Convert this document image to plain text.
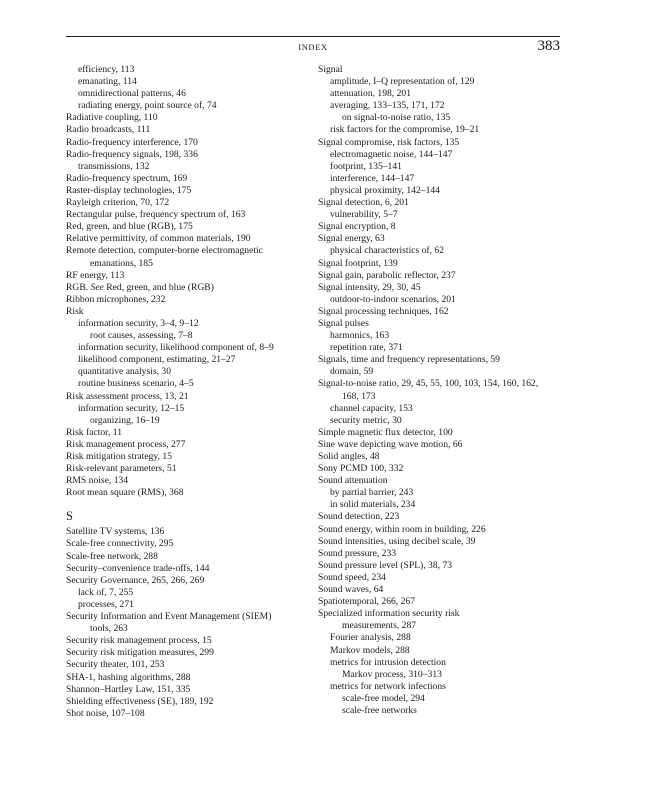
INDEX	383
efficiency, 113
emanating, 114
omnidirectional patterns, 46
radiating energy, point source of, 74
Radiative coupling, 110
Radio broadcasts, 111
Radio-frequency interference, 170
Radio-frequency signals, 198, 336
transmissions, 132
Radio-frequency spectrum, 169
Raster-display technologies, 175
Rayleigh criterion, 70, 172
Rectangular pulse, frequency spectrum of, 163
Red, green, and blue (RGB), 175
Relative permittivity, of common materials, 190
Remote detection, computer-borne electromagnetic
emanations, 185
RF energy, 113
RGB. See Red, green, and blue (RGB)
Ribbon microphones, 232
Risk
information security, 3–4, 9–12
root causes, assessing, 7–8
information security, likelihood component of, 8–9
likelihood component, estimating, 21–27
quantitative analysis, 30
routine business scenario, 4–5
Risk assessment process, 13, 21
information security, 12–15
organizing, 16–19
Risk factor, 11
Risk management process, 277
Risk mitigation strategy, 15
Risk-relevant parameters, 51
RMS noise, 134
Root mean square (RMS), 368
S
Satellite TV systems, 136
Scale-free connectivity, 295
Scale-free network, 288
Security–convenience trade-offs, 144
Security Governance, 265, 266, 269
lack of, 7, 255
processes, 271
Security Information and Event Management (SIEM)
tools, 263
Security risk management process, 15
Security risk mitigation measures, 299
Security theater, 101, 253
SHA-1, hashing algorithms, 288
Shannon–Hartley Law, 151, 335
Shielding effectiveness (SE), 189, 192
Shot noise, 107–108
Signal
amplitude, I–Q representation of, 129
attenuation, 198, 201
averaging, 133–135, 171, 172
on signal-to-noise ratio, 135
risk factors for the compromise, 19–21
Signal compromise, risk factors, 135
electromagnetic noise, 144–147
footprint, 135–141
interference, 144–147
physical proximity, 142–144
Signal detection, 6, 201
vulnerability, 5–7
Signal encryption, 8
Signal energy, 63
physical characteristics of, 62
Signal footprint, 139
Signal gain, parabolic reflector, 237
Signal intensity, 29, 30, 45
outdoor-to-indoor scenarios, 201
Signal processing techniques, 162
Signal pulses
harmonics, 163
repetition rate, 371
Signals, time and frequency representations, 59
domain, 59
Signal-to-noise ratio, 29, 45, 55, 100, 103, 154, 160, 162,
168, 173
channel capacity, 153
security metric, 30
Simple magnetic flux detector, 100
Sine wave depicting wave motion, 66
Solid angles, 48
Sony PCMD 100, 332
Sound attenuation
by partial barrier, 243
in solid materials, 234
Sound detection, 223
Sound energy, within room in building, 226
Sound intensities, using decibel scale, 39
Sound pressure, 233
Sound pressure level (SPL), 38, 73
Sound speed, 234
Sound waves, 64
Spatiotemporal, 266, 267
Specialized information security risk
measurements, 287
Fourier analysis, 288
Markov models, 288
metrics for intrusion detection
Markov process, 310–313
metrics for network infections
scale-free model, 294
scale-free networks
